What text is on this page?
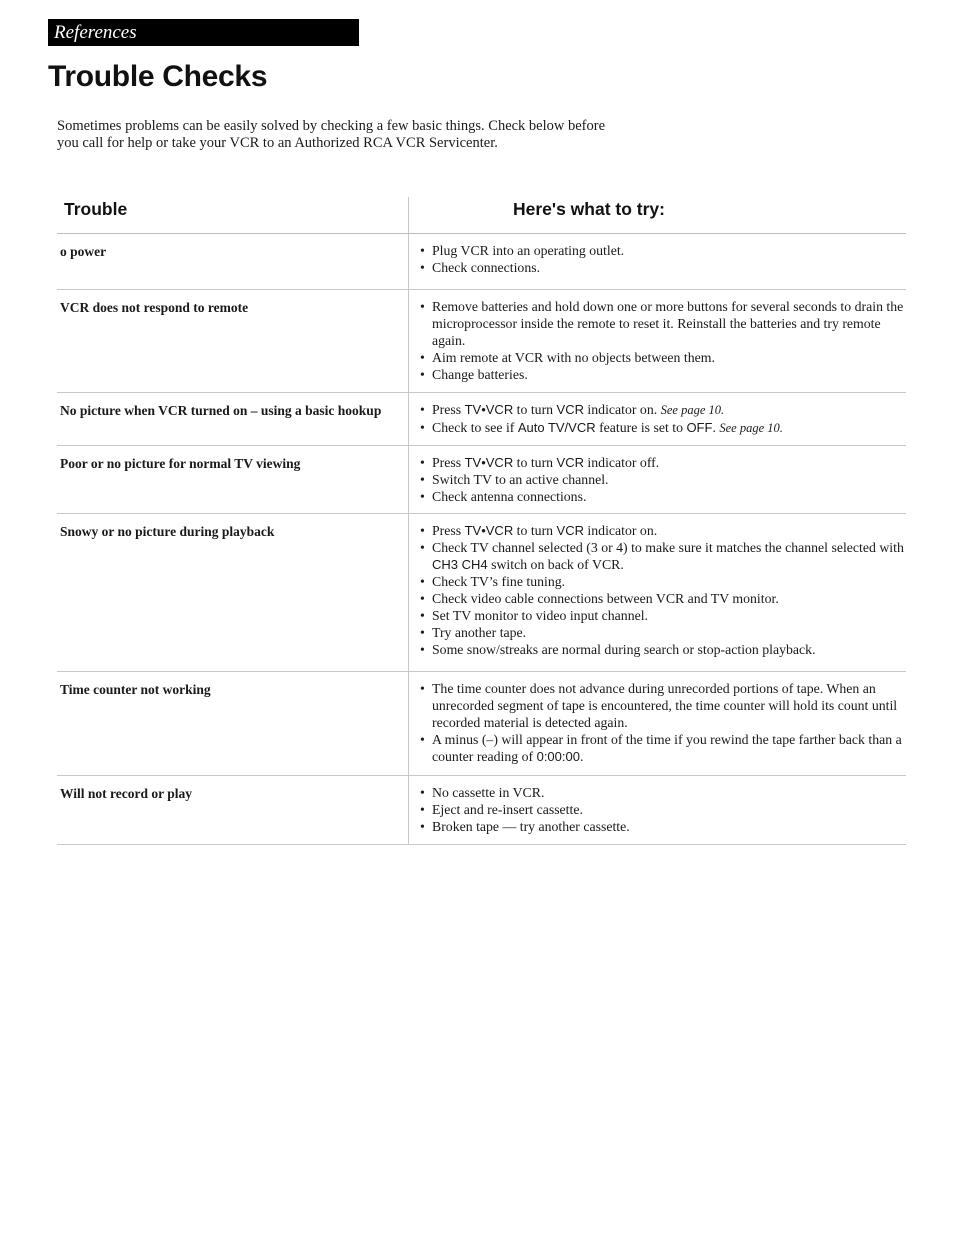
References
Trouble Checks

Sometimes problems can be easily solved by checking a few basic things. Check below before you call for help or take your VCR to an Authorized RCA VCR Servicenter.

Trouble	Here's what to try:
o power	• Plug VCR into an operating outlet.
• Check connections.
VCR does not respond to remote	• Remove batteries and hold down one or more buttons for several seconds to drain the microprocessor inside the remote to reset it. Reinstall the batteries and try remote again.
• Aim remote at VCR with no objects between them.
• Change batteries.
No picture when VCR turned on – using a basic hookup	• Press TV•VCR to turn VCR indicator on. See page 10.
• Check to see if Auto TV/VCR feature is set to OFF. See page 10.
Poor or no picture for normal TV viewing	• Press TV•VCR to turn VCR indicator off.
• Switch TV to an active channel.
• Check antenna connections.
Snowy or no picture during playback	• Press TV•VCR to turn VCR indicator on.
• Check TV channel selected (3 or 4) to make sure it matches the channel selected with CH3 CH4 switch on back of VCR.
• Check TV’s fine tuning.
• Check video cable connections between VCR and TV monitor.
• Set TV monitor to video input channel.
• Try another tape.
• Some snow/streaks are normal during search or stop-action playback.
Time counter not working	• The time counter does not advance during unrecorded portions of tape. When an unrecorded segment of tape is encountered, the time counter will hold its count until recorded material is detected again.
• A minus (–) will appear in front of the time if you rewind the tape farther back than a counter reading of 0:00:00.
Will not record or play	• No cassette in VCR.
• Eject and re-insert cassette.
• Broken tape — try another cassette.
